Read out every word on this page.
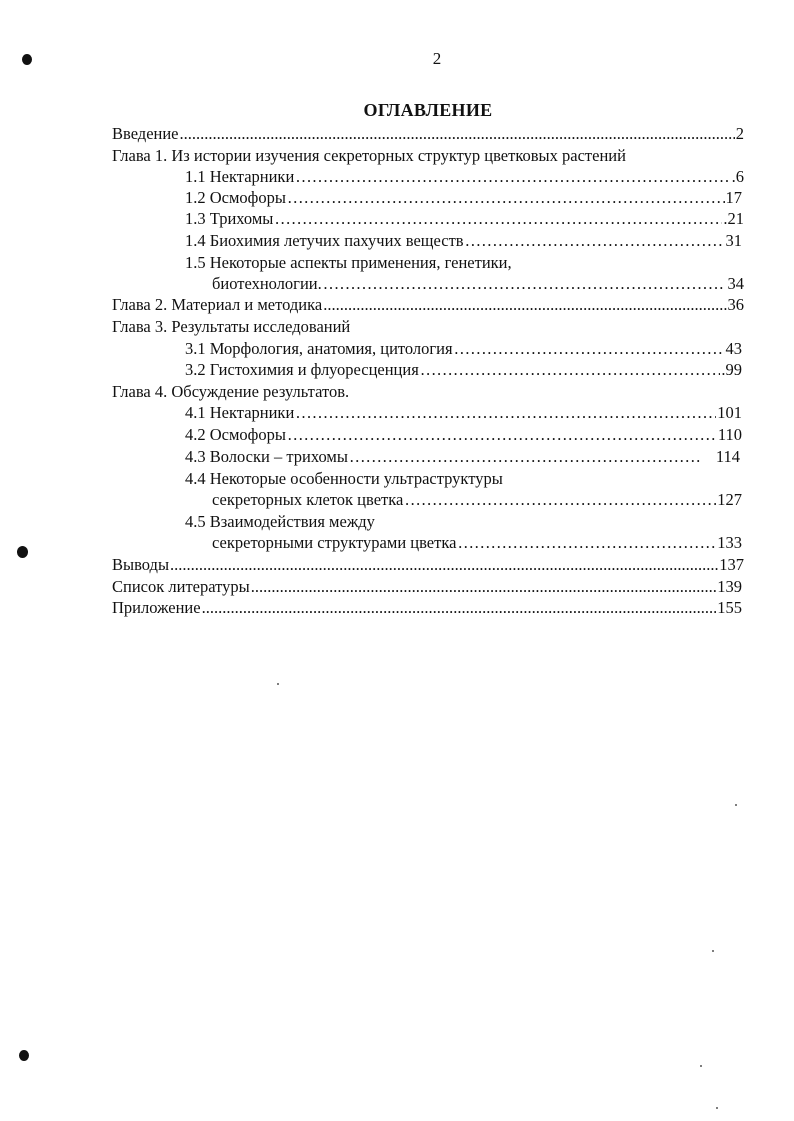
2
ОГЛАВЛЕНИЕ
Введение .....	2
Глава 1. Из истории изучения секреторных структур цветковых растений
1.1 Нектарники …………………………………………………………………………………………………………………………………………………………………………………………………………………	.6
1.2 Осмофоры …………………………………………………………………………………………………………………………………………………………………………………………………………………	17
1.3 Трихомы …………………………………………………………………………………………………………………………………………………………………………………………………………………	.21
1.4 Биохимия летучих пахучих веществ …………………………………………………………………………………………………………………………………………………………………………………………………………………	31
1.5 Некоторые аспекты применения, генетики,
биотехнологии. …………………………………………………………………………………………………………………………………………………………………………………………………………………	. 34
Глава 2. Материал и методика .....	36
Глава 3. Результаты исследований
3.1 Морфология, анатомия, цитология …………………………………………………………………………………………………………………………………………………………………………………………………………………	43
3.2 Гистохимия и флуоресценция …………………………………………………………………………………………………………………………………………………………………………………………………………………	.99
Глава 4. Обсуждение результатов.
4.1 Нектарники …………………………………………………………………………………………………………………………………………………………………………………………………………………	101
4.2 Осмофоры …………………………………………………………………………………………………………………………………………………………………………………………………………………	110
4.3 Волоски – трихомы …………………………………………………………………………………………………………………………………………………………………………………………………………………	114
4.4 Некоторые особенности ультраструктуры
секреторных клеток цветка …………………………………………………………………………………………………………………………………………………………………………………………………………………	127
4.5 Взаимодействия между
секреторными структурами цветка …………………………………………………………………………………………………………………………………………………………………………………………………………………	133
Выводы .....	137
Список литературы .....	139
Приложение .....	155
